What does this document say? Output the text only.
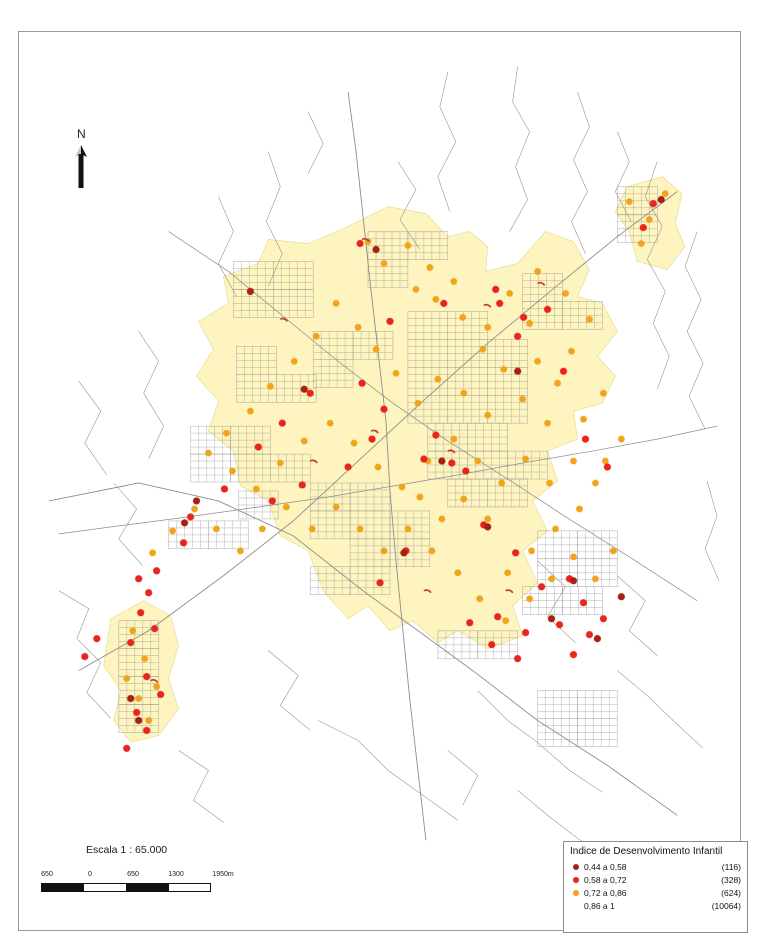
N
Escala 1 : 65.000
650	0	650	1300	1950m
Indice de Desenvolvimento Infantil
0,44 a 0,58	(116)
0,58 a 0,72	(328)
0,72 a 0,86	(624)
0,86 a 1	(10064)
